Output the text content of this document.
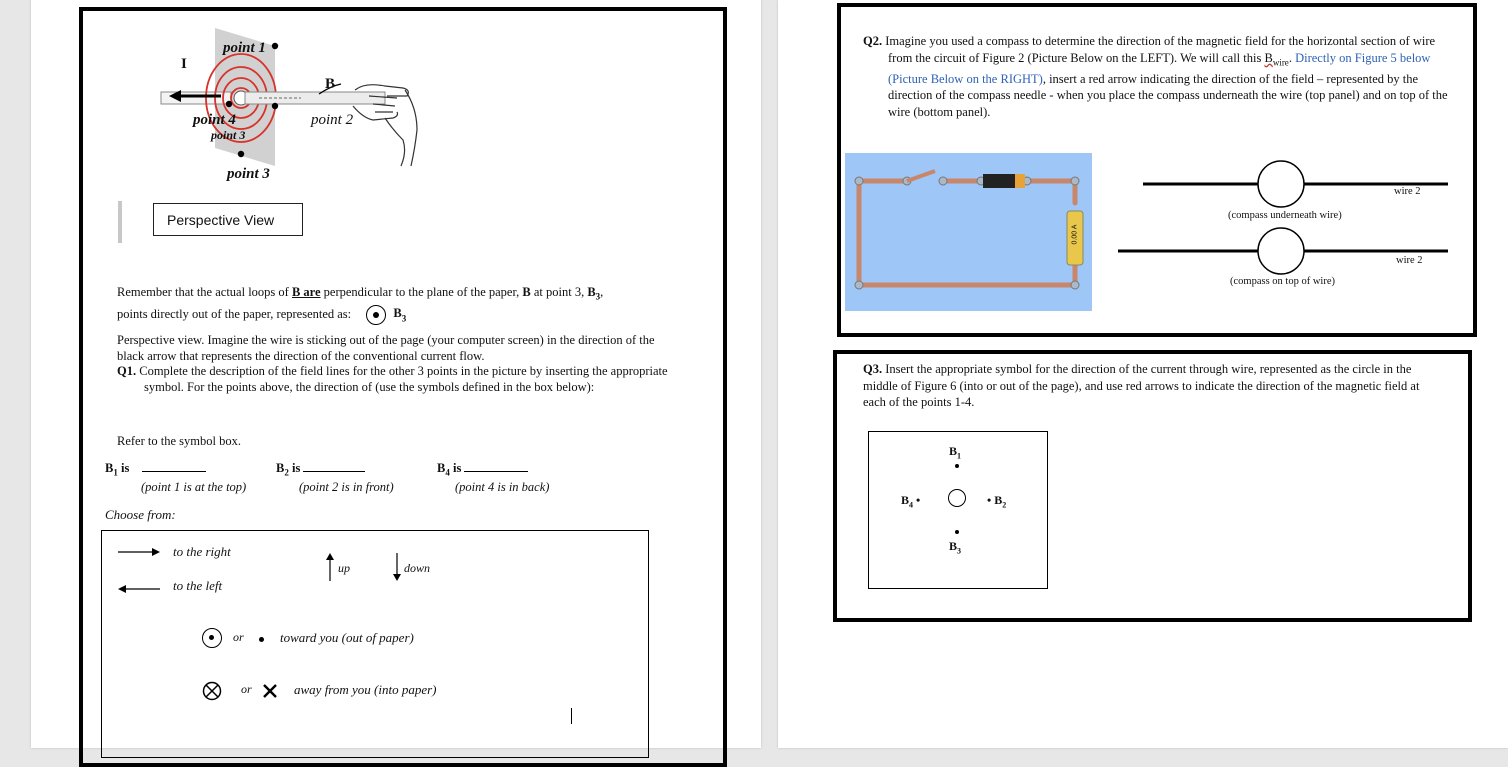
point 1
I
B
point 4
point 3
point 2
point 3
Perspective View

Remember that the actual loops of B are perpendicular to the plane of the paper, B at point 3, $B_3$,

points directly out of the paper, represented as:	$B_3$

Perspective view. Imagine the wire is sticking out of the page (your computer screen) in the direction of the black arrow that represents the direction of the conventional current flow.

Q1. Complete the description of the field lines for the other 3 points in the picture by inserting the appropriate symbol. For the points above, the direction of (use the symbols defined in the box below):

Refer to the symbol box.
$B_1$ is
(point 1 is at the top)
$B_2$ is
(point 2 is in front)
$B_4$ is
(point 4 is in back)
Choose from:
to the right
to the left
up	down
or	toward you (out of paper)
or	away from you (into paper)
Q2. Imagine you used a compass to determine the direction of the magnetic field for the horizontal section of wire from the circuit of Figure 2 (Picture Below on the LEFT). We will call this $B_{wire}$. Directly on Figure 5 below (Picture Below on the RIGHT), insert a red arrow indicating the direction of the field – represented by the direction of the compass needle - when you place the compass underneath the wire (top panel) and on top of the wire (bottom panel).
0.00 A
wire 2
(compass underneath wire)
wire 2
(compass on top of wire)
Q3. Insert the appropriate symbol for the direction of the current through wire, represented as the circle in the middle of Figure 6 (into or out of the page), and use red arrows to indicate the direction of the magnetic field at each of the points 1-4.
$B_1$
$B_4$ •	• $B_2$
$B_3$
